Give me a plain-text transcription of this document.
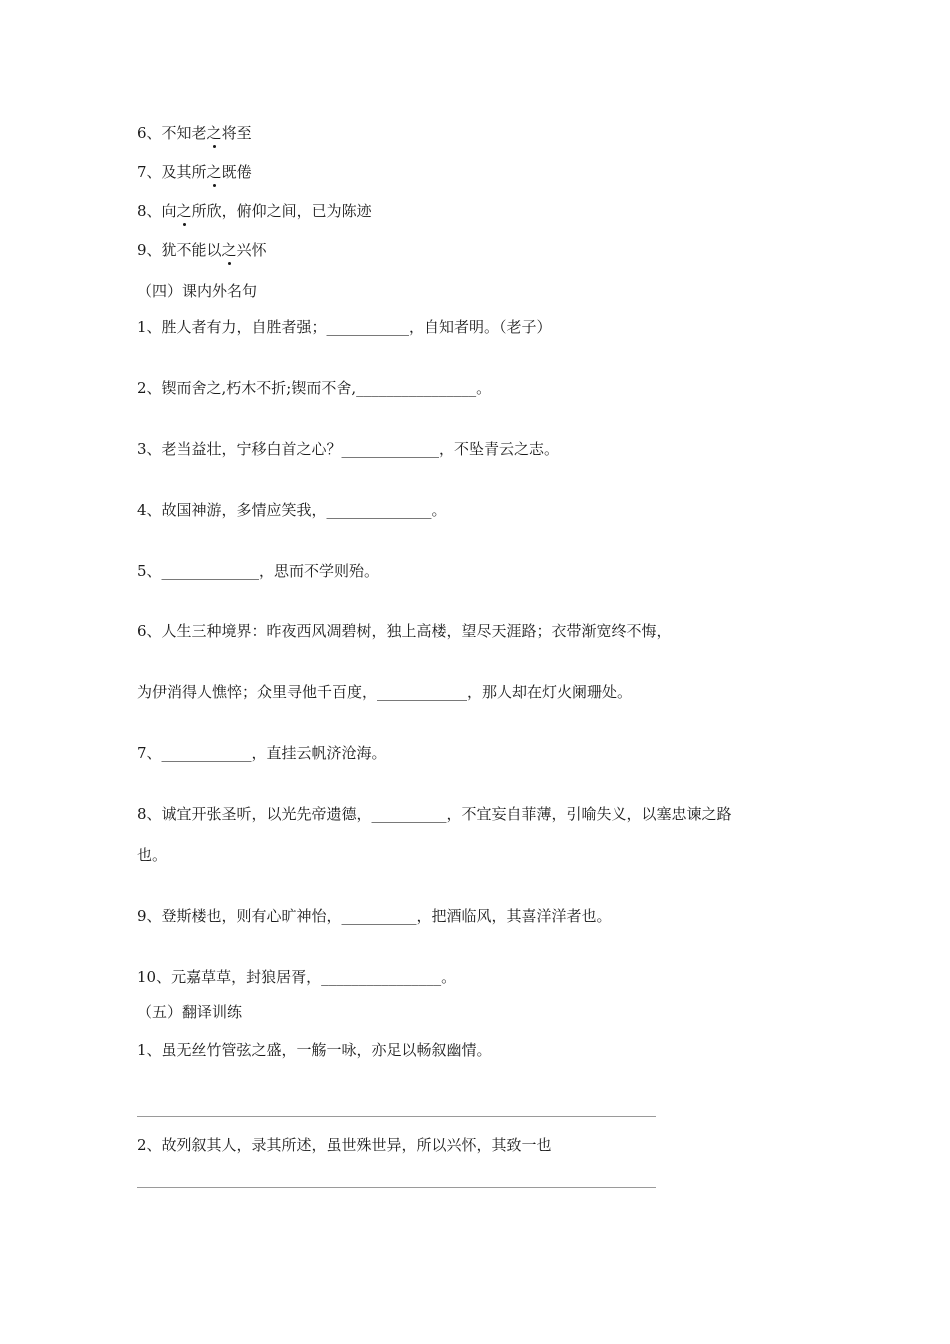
6、不知老之将至
7、及其所之既倦
8、向之所欣，俯仰之间，已为陈迹
9、犹不能以之兴怀
（四）课内外名句
1、胜人者有力，自胜者强；___________，自知者明。（老子）
2、锲而舍之,朽木不折;锲而不舍,________________。
3、老当益壮，宁移白首之心？_____________，不坠青云之志。
4、故国神游，多情应笑我，______________。
5、_____________，思而不学则殆。
6、人生三种境界：昨夜西风凋碧树，独上高楼，望尽天涯路；衣带渐宽终不悔，
为伊消得人憔悴；众里寻他千百度，____________，那人却在灯火阑珊处。
7、____________，直挂云帆济沧海。
8、诚宜开张圣听，以光先帝遗德，__________，不宜妄自菲薄，引喻失义，以塞忠谏之路
也。
9、登斯楼也，则有心旷神怡，__________，把酒临风，其喜洋洋者也。
10、元嘉草草，封狼居胥，________________。
（五）翻译训练
1、虽无丝竹管弦之盛，一觞一咏，亦足以畅叙幽情。
2、故列叙其人，录其所述，虽世殊世异，所以兴怀，其致一也
